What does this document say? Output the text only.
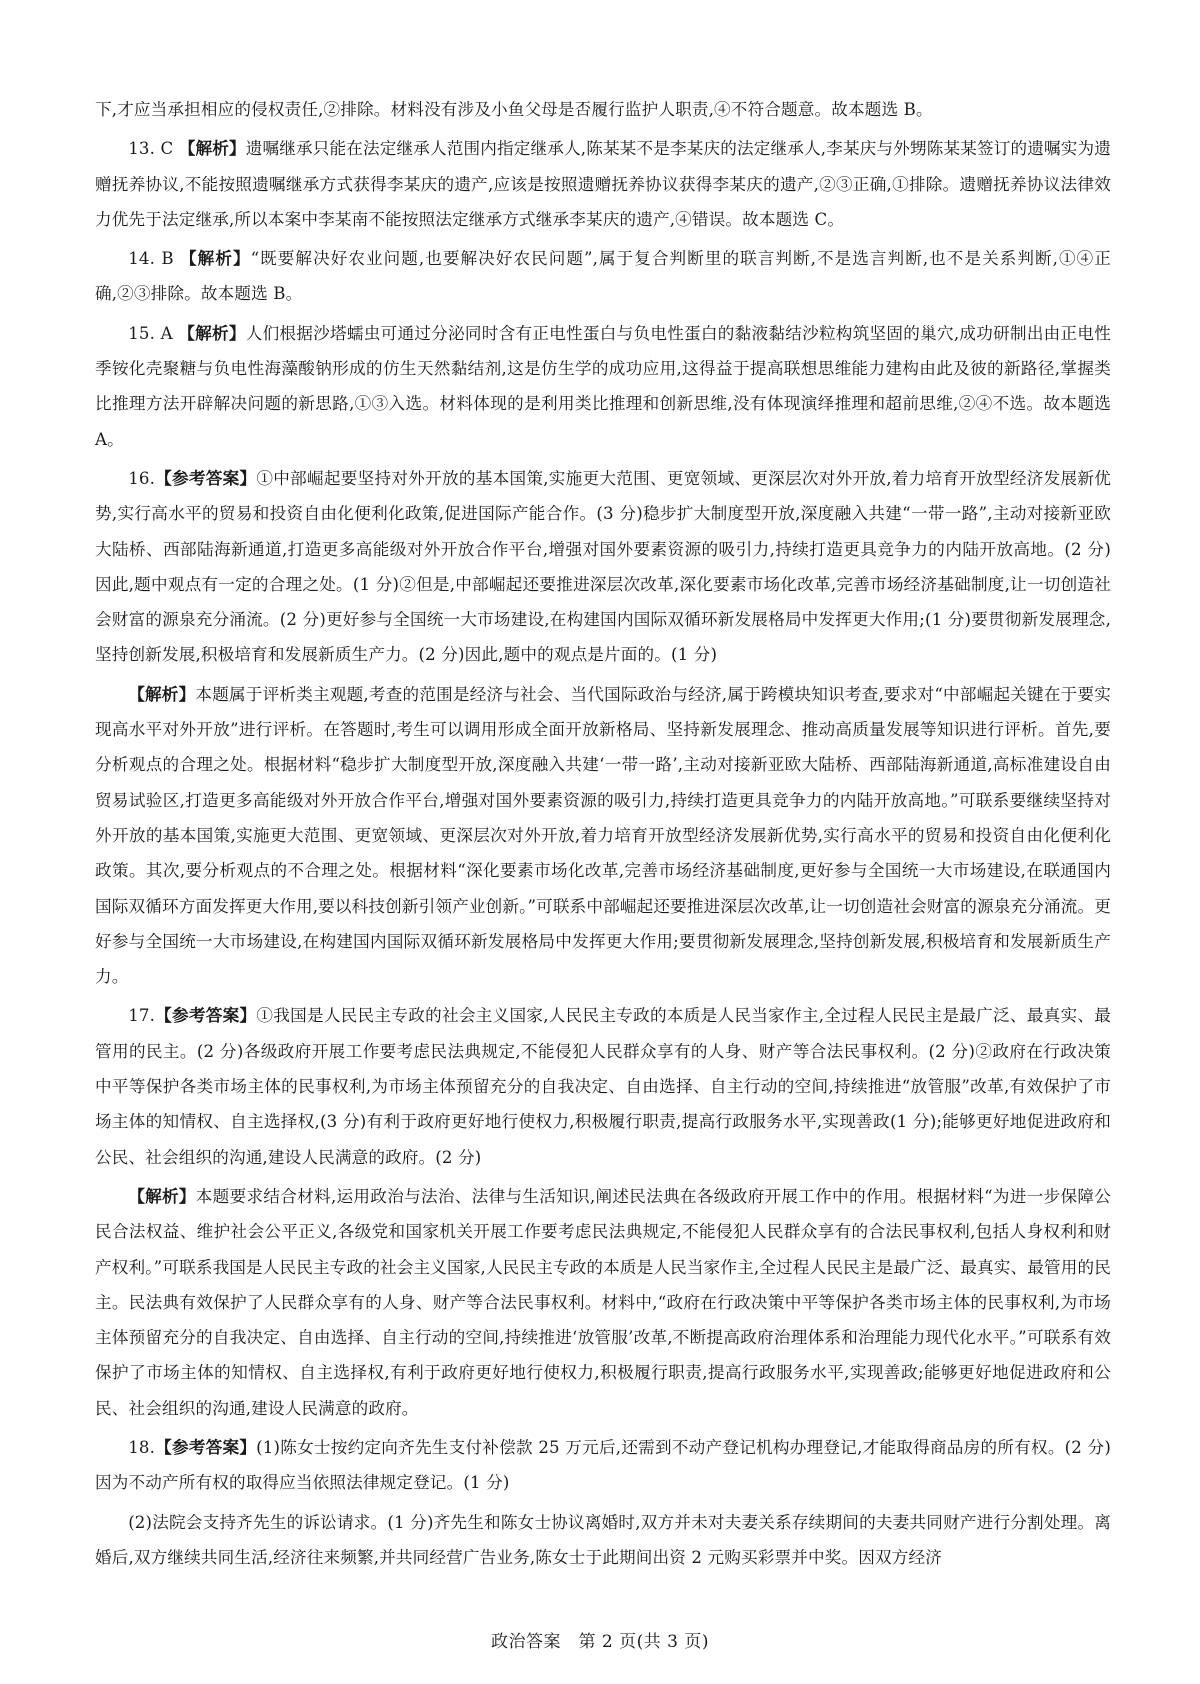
下,才应当承担相应的侵权责任,②排除。材料没有涉及小鱼父母是否履行监护人职责,④不符合题意。故本题选 B。

13. C 【解析】遗嘱继承只能在法定继承人范围内指定继承人,陈某某不是李某庆的法定继承人,李某庆与外甥陈某某签订的遗嘱实为遗赠抚养协议,不能按照遗嘱继承方式获得李某庆的遗产,应该是按照遗赠抚养协议获得李某庆的遗产,②③正确,①排除。遗赠抚养协议法律效力优先于法定继承,所以本案中李某南不能按照法定继承方式继承李某庆的遗产,④错误。故本题选 C。

14. B 【解析】“既要解决好农业问题,也要解决好农民问题”,属于复合判断里的联言判断,不是选言判断,也不是关系判断,①④正确,②③排除。故本题选 B。

15. A 【解析】人们根据沙塔蠕虫可通过分泌同时含有正电性蛋白与负电性蛋白的黏液黏结沙粒构筑坚固的巢穴,成功研制出由正电性季铵化壳聚糖与负电性海藻酸钠形成的仿生天然黏结剂,这是仿生学的成功应用,这得益于提高联想思维能力建构由此及彼的新路径,掌握类比推理方法开辟解决问题的新思路,①③入选。材料体现的是利用类比推理和创新思维,没有体现演绎推理和超前思维,②④不选。故本题选 A。

16.【参考答案】①中部崛起要坚持对外开放的基本国策,实施更大范围、更宽领域、更深层次对外开放,着力培育开放型经济发展新优势,实行高水平的贸易和投资自由化便利化政策,促进国际产能合作。(3 分)稳步扩大制度型开放,深度融入共建“一带一路”,主动对接新亚欧大陆桥、西部陆海新通道,打造更多高能级对外开放合作平台,增强对国外要素资源的吸引力,持续打造更具竞争力的内陆开放高地。(2 分)因此,题中观点有一定的合理之处。(1 分)②但是,中部崛起还要推进深层次改革,深化要素市场化改革,完善市场经济基础制度,让一切创造社会财富的源泉充分涌流。(2 分)更好参与全国统一大市场建设,在构建国内国际双循环新发展格局中发挥更大作用;(1 分)要贯彻新发展理念,坚持创新发展,积极培育和发展新质生产力。(2 分)因此,题中的观点是片面的。(1 分)

【解析】本题属于评析类主观题,考查的范围是经济与社会、当代国际政治与经济,属于跨模块知识考查,要求对“中部崛起关键在于要实现高水平对外开放”进行评析。在答题时,考生可以调用形成全面开放新格局、坚持新发展理念、推动高质量发展等知识进行评析。首先,要分析观点的合理之处。根据材料“稳步扩大制度型开放,深度融入共建‘一带一路’,主动对接新亚欧大陆桥、西部陆海新通道,高标准建设自由贸易试验区,打造更多高能级对外开放合作平台,增强对国外要素资源的吸引力,持续打造更具竞争力的内陆开放高地。”可联系要继续坚持对外开放的基本国策,实施更大范围、更宽领域、更深层次对外开放,着力培育开放型经济发展新优势,实行高水平的贸易和投资自由化便利化政策。其次,要分析观点的不合理之处。根据材料“深化要素市场化改革,完善市场经济基础制度,更好参与全国统一大市场建设,在联通国内国际双循环方面发挥更大作用,要以科技创新引领产业创新。”可联系中部崛起还要推进深层次改革,让一切创造社会财富的源泉充分涌流。更好参与全国统一大市场建设,在构建国内国际双循环新发展格局中发挥更大作用;要贯彻新发展理念,坚持创新发展,积极培育和发展新质生产力。

17.【参考答案】①我国是人民民主专政的社会主义国家,人民民主专政的本质是人民当家作主,全过程人民民主是最广泛、最真实、最管用的民主。(2 分)各级政府开展工作要考虑民法典规定,不能侵犯人民群众享有的人身、财产等合法民事权利。(2 分)②政府在行政决策中平等保护各类市场主体的民事权利,为市场主体预留充分的自我决定、自由选择、自主行动的空间,持续推进“放管服”改革,有效保护了市场主体的知情权、自主选择权,(3 分)有利于政府更好地行使权力,积极履行职责,提高行政服务水平,实现善政(1 分);能够更好地促进政府和公民、社会组织的沟通,建设人民满意的政府。(2 分)

【解析】本题要求结合材料,运用政治与法治、法律与生活知识,阐述民法典在各级政府开展工作中的作用。根据材料“为进一步保障公民合法权益、维护社会公平正义,各级党和国家机关开展工作要考虑民法典规定,不能侵犯人民群众享有的合法民事权利,包括人身权利和财产权利。”可联系我国是人民民主专政的社会主义国家,人民民主专政的本质是人民当家作主,全过程人民民主是最广泛、最真实、最管用的民主。民法典有效保护了人民群众享有的人身、财产等合法民事权利。材料中,“政府在行政决策中平等保护各类市场主体的民事权利,为市场主体预留充分的自我决定、自由选择、自主行动的空间,持续推进‘放管服’改革,不断提高政府治理体系和治理能力现代化水平。”可联系有效保护了市场主体的知情权、自主选择权,有利于政府更好地行使权力,积极履行职责,提高行政服务水平,实现善政;能够更好地促进政府和公民、社会组织的沟通,建设人民满意的政府。

18.【参考答案】(1)陈女士按约定向齐先生支付补偿款 25 万元后,还需到不动产登记机构办理登记,才能取得商品房的所有权。(2 分)因为不动产所有权的取得应当依照法律规定登记。(1 分)

(2)法院会支持齐先生的诉讼请求。(1 分)齐先生和陈女士协议离婚时,双方并未对夫妻关系存续期间的夫妻共同财产进行分割处理。离婚后,双方继续共同生活,经济往来频繁,并共同经营广告业务,陈女士于此期间出资 2 元购买彩票并中奖。因双方经济

政治答案　第 2 页(共 3 页)
